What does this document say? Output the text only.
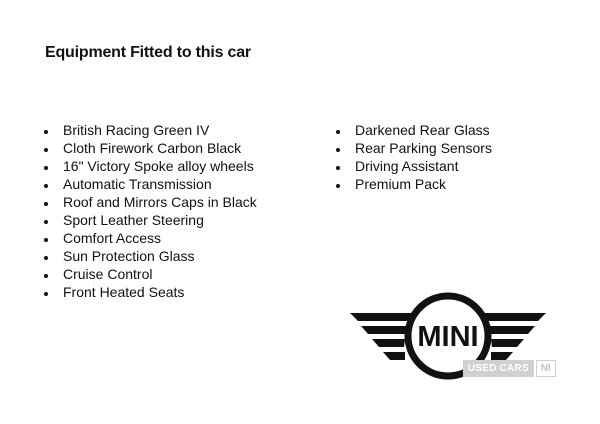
Equipment Fitted to this car
British Racing Green IV
Cloth Firework Carbon Black
16" Victory Spoke alloy wheels
Automatic Transmission
Roof and Mirrors Caps in Black
Sport Leather Steering
Comfort Access
Sun Protection Glass
Cruise Control
Front Heated Seats
Darkened Rear Glass
Rear Parking Sensors
Driving Assistant
Premium Pack
MINI
USED CARS	NI
